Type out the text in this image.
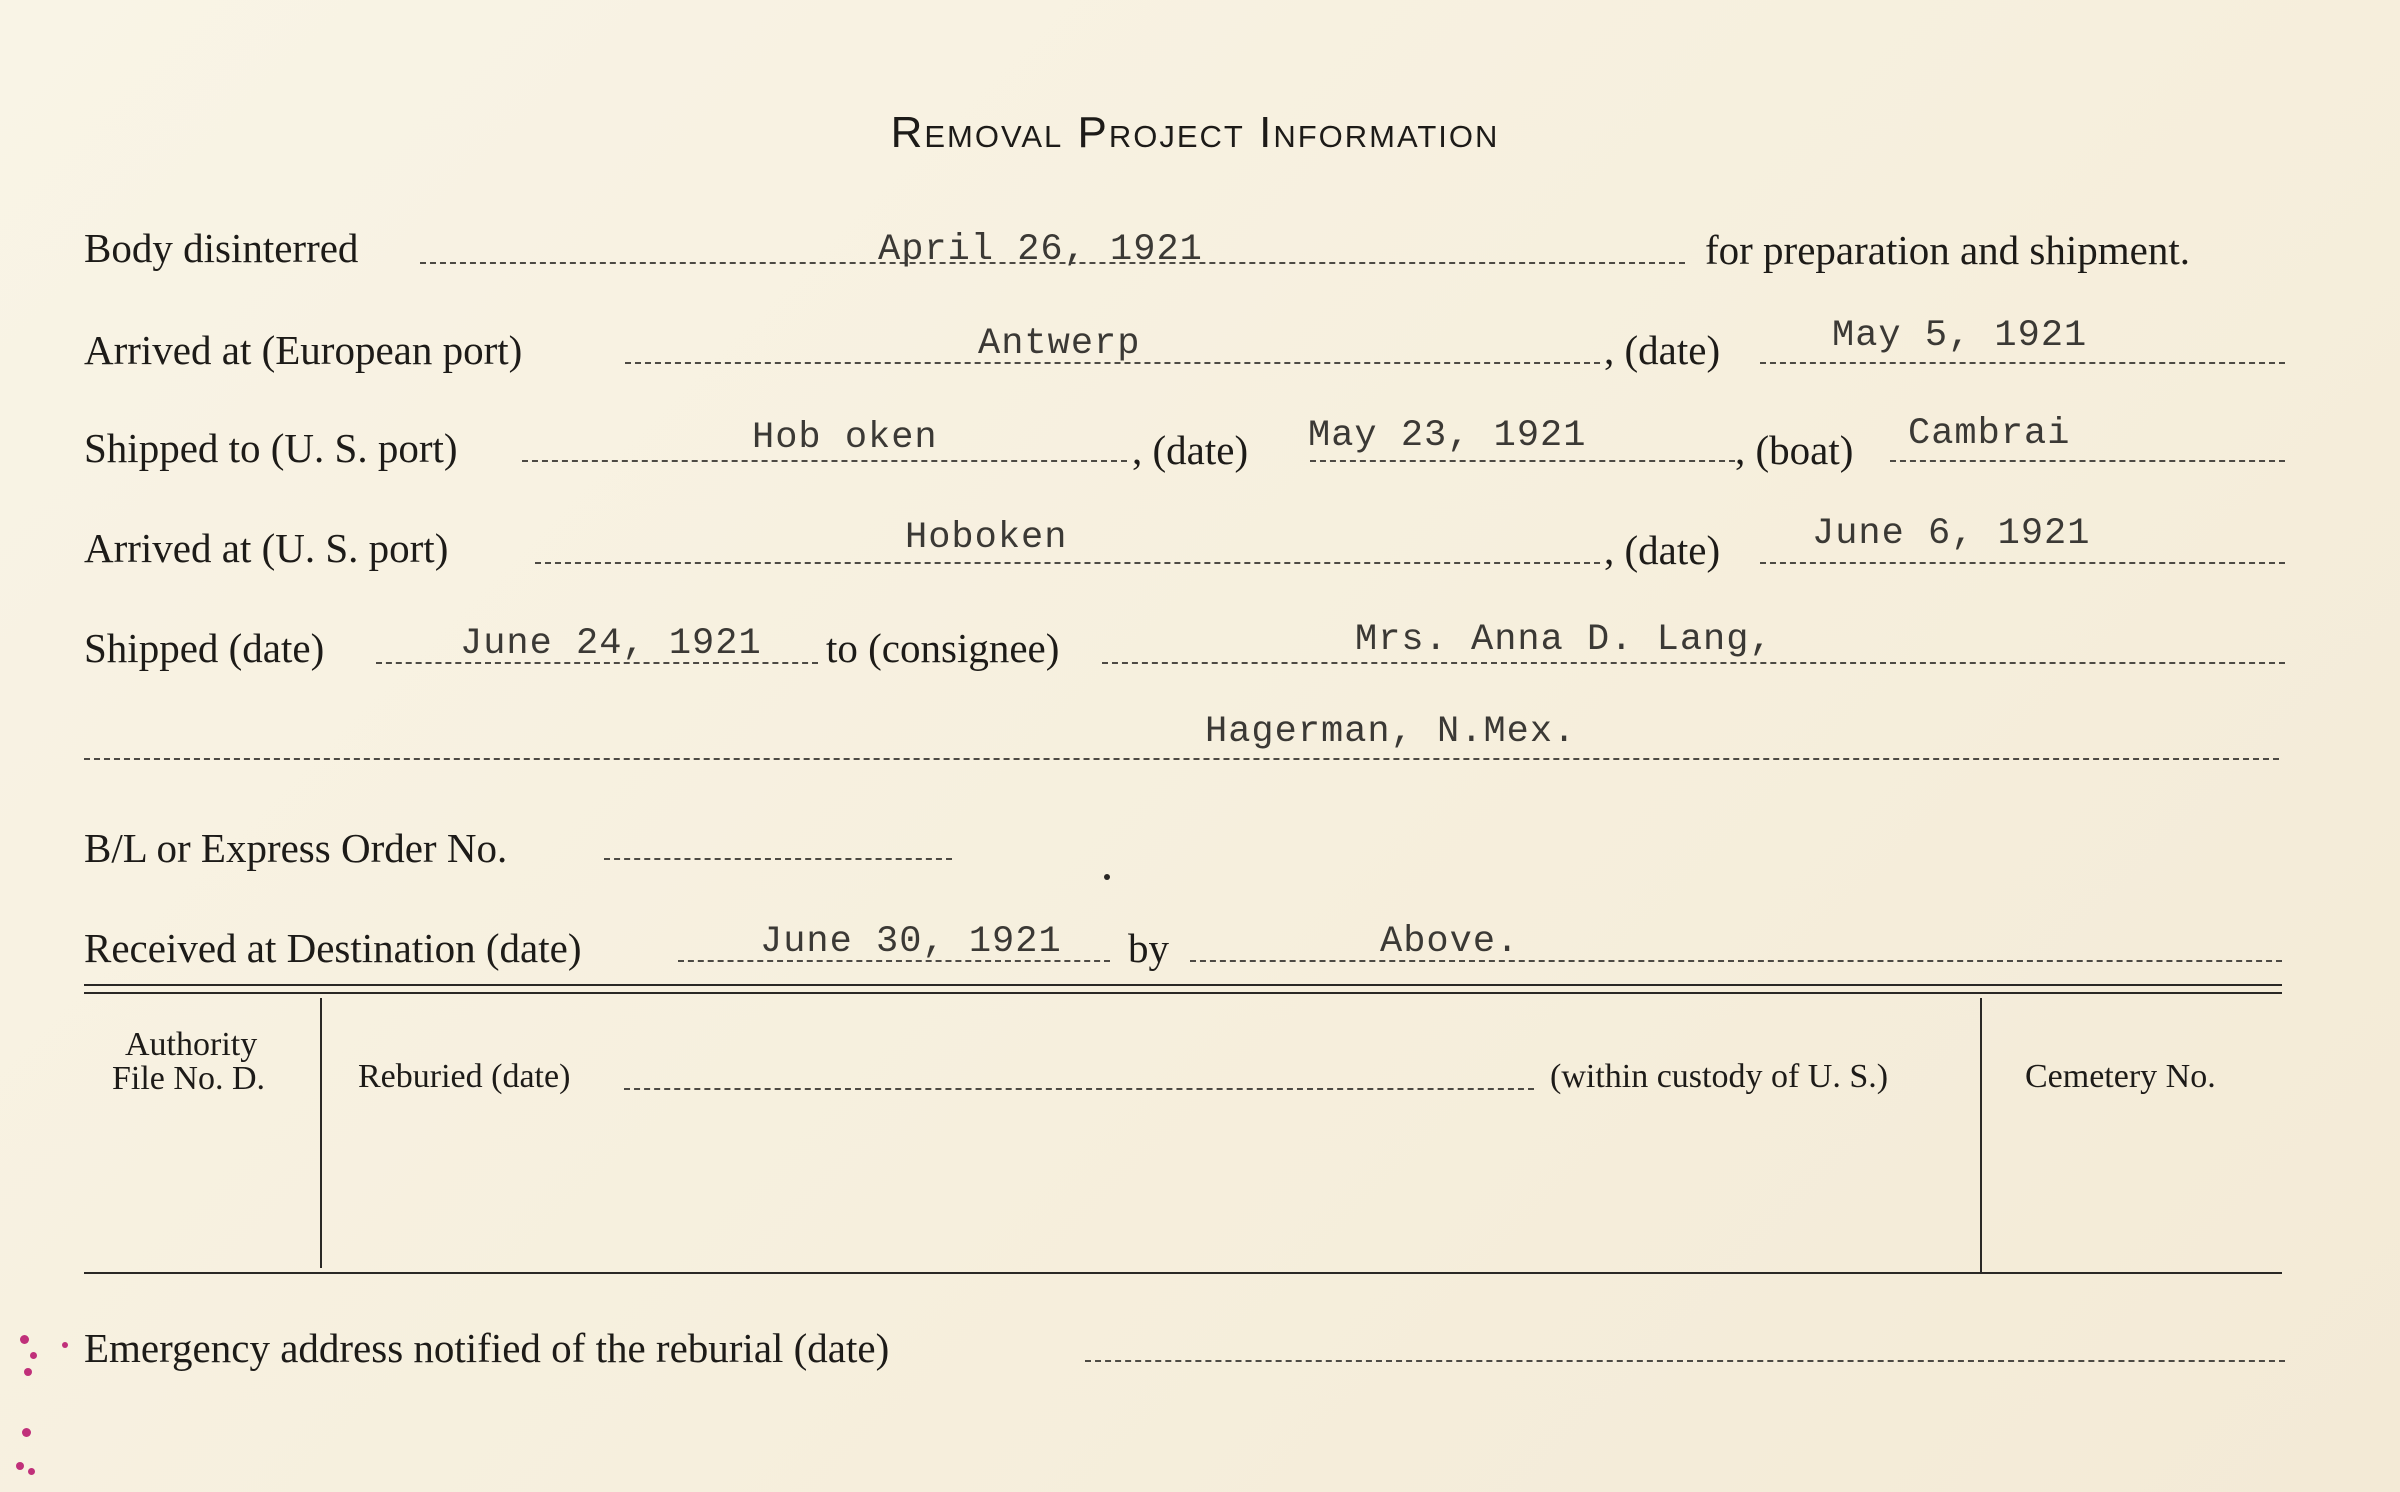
Removal Project Information
Body disinterred	April 26, 1921	for preparation and shipment.
Arrived at (European port)	Antwerp	, (date)	May 5, 1921
Shipped to (U. S. port)	Hob oken	, (date) May 23, 1921	, (boat) Cambrai
Arrived at (U. S. port)	Hoboken	, (date) June 6, 1921
Shipped (date)	June 24, 1921 to (consignee)	Mrs. Anna D. Lang,
Hagerman, N.Mex.
B/L or Express Order No.
Received at Destination (date)	June 30, 1921 by	Above.
Authority
File No. D.	Reburied (date)	(within custody of U. S.)	Cemetery No.
Emergency address notified of the reburial (date)
